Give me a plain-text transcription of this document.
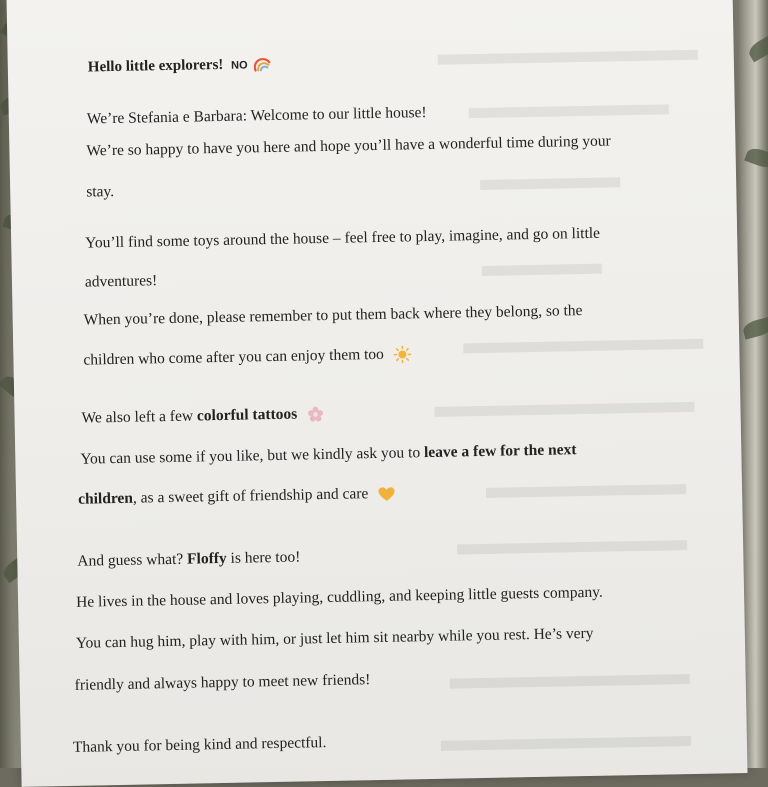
Hello little explorers! NO
We’re Stefania e Barbara: Welcome to our little house!
We’re so happy to have you here and hope you’ll have a wonderful time during your
stay.
You’ll find some toys around the house – feel free to play, imagine, and go on little
adventures!
When you’re done, please remember to put them back where they belong, so the
children who come after you can enjoy them too
We also left a few colorful tattoos
You can use some if you like, but we kindly ask you to leave a few for the next
children, as a sweet gift of friendship and care
And guess what? Floffy is here too!
He lives in the house and loves playing, cuddling, and keeping little guests company.
You can hug him, play with him, or just let him sit nearby while you rest. He’s very
friendly and always happy to meet new friends!
Thank you for being kind and respectful.
